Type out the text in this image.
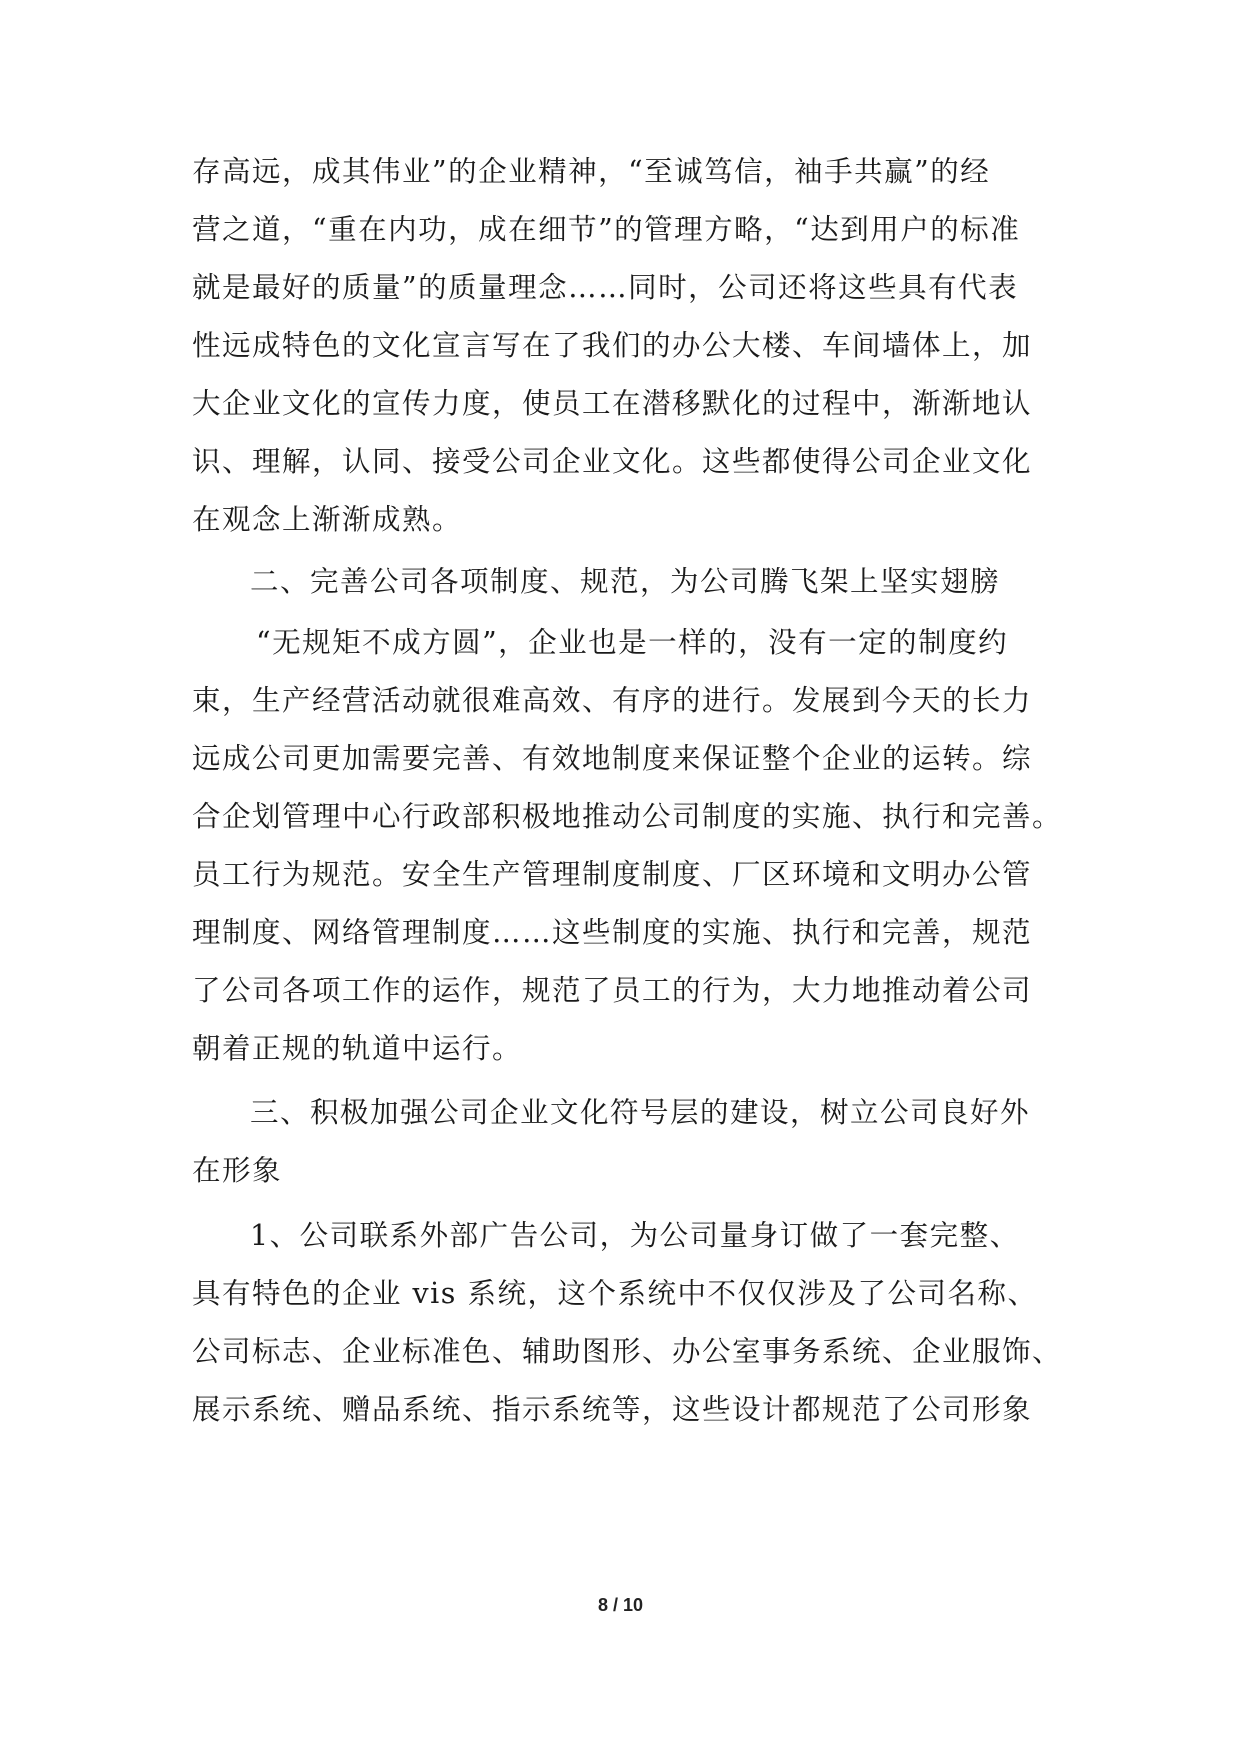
存高远，成其伟业”的企业精神，“至诚笃信，袖手共赢”的经
营之道，“重在内功，成在细节”的管理方略，“达到用户的标准
就是最好的质量”的质量理念……同时，公司还将这些具有代表
性远成特色的文化宣言写在了我们的办公大楼、车间墙体上，加
大企业文化的宣传力度，使员工在潜移默化的过程中，渐渐地认
识、理解，认同、接受公司企业文化。这些都使得公司企业文化
在观念上渐渐成熟。
二、完善公司各项制度、规范，为公司腾飞架上坚实翅膀
“无规矩不成方圆”，企业也是一样的，没有一定的制度约
束，生产经营活动就很难高效、有序的进行。发展到今天的长力
远成公司更加需要完善、有效地制度来保证整个企业的运转。综
合企划管理中心行政部积极地推动公司制度的实施、执行和完善。
员工行为规范。安全生产管理制度制度、厂区环境和文明办公管
理制度、网络管理制度……这些制度的实施、执行和完善，规范
了公司各项工作的运作，规范了员工的行为，大力地推动着公司
朝着正规的轨道中运行。
三、积极加强公司企业文化符号层的建设，树立公司良好外
在形象
1、公司联系外部广告公司，为公司量身订做了一套完整、
具有特色的企业 vis 系统，这个系统中不仅仅涉及了公司名称、
公司标志、企业标准色、辅助图形、办公室事务系统、企业服饰、
展示系统、赠品系统、指示系统等，这些设计都规范了公司形象
8 / 10
